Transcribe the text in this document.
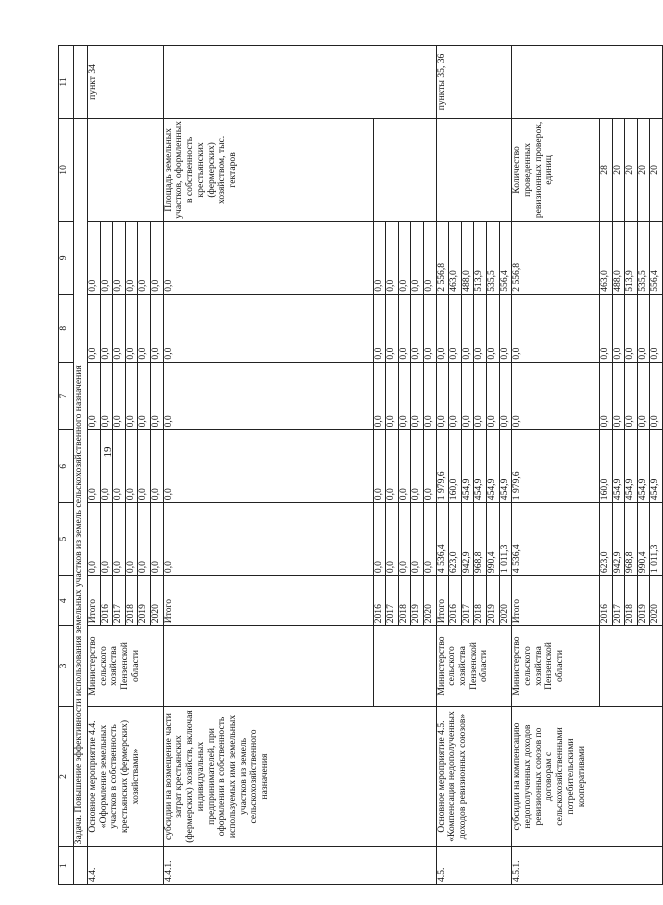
19
1	2	3	4	5	6	7	8	9	10	11
	Задача. Повышение эффективности использования земельных участков из земель сельскохозяйственного назначения									
4.4.	Основное мероприятие 4.4. «Оформление земельных участков в собственность крестьянских (фермерских) хозяйствами»	Министерство сельского хозяйства Пензенской области	Итого	0,0	0,0	0,0	0,0	0,0		пункт 34
			2016	0,0	0,0	0,0	0,0	0,0		
			2017	0,0	0,0	0,0	0,0	0,0		
			2018	0,0	0,0	0,0	0,0	0,0		
			2019	0,0	0,0	0,0	0,0	0,0		
			2020	0,0	0,0	0,0	0,0	0,0		
4.4.1.	субсидии на возмещение части затрат крестьянских (фермерских) хозяйств, включая индивидуальных предпринимателей, при оформлении в собственность используемых ими земельных участков из земель сельскохозяйственного назначения		Итого	0,0	0,0	0,0	0,0	0,0	Площадь земельных участков, оформленных в собственность крестьянских (фермерских) хозяйством, тыс. гектаров	
			2016	0,0	0,0	0,0	0,0	0,0		
			2017	0,0	0,0	0,0	0,0	0,0		
			2018	0,0	0,0	0,0	0,0	0,0		
			2019	0,0	0,0	0,0	0,0	0,0		
			2020	0,0	0,0	0,0	0,0	0,0		
4.5.	Основное мероприятие 4.5. «Компенсация недополученных доходов ревизионных союзов»	Министерство сельского хозяйства Пензенской области	Итого	4 536,4	1 979,6	0,0	0,0	2 556,8		пункты 35, 36
			2016	623,0	160,0	0,0	0,0	463,0		
			2017	942,9	454,9	0,0	0,0	488,0		
			2018	968,8	454,9	0,0	0,0	513,9		
			2019	990,4	454,9	0,0	0,0	535,5		
			2020	1 011,3	454,9	0,0	0,0	556,4		
4.5.1.	субсидии на компенсацию недополученных доходов ревизионных союзов по договорам с сельскохозяйственными потребительскими кооперативами	Министерство сельского хозяйства Пензенской области	Итого	4 536,4	1 979,6	0,0	0,0	2 556,8	Количество проведенных ревизионных проверок, единиц	
			2016	623,0	160,0	0,0	0,0	463,0	28	
			2017	942,9	454,9	0,0	0,0	488,0	20	
			2018	968,8	454,9	0,0	0,0	513,9	20	
			2019	990,4	454,9	0,0	0,0	535,5	20	
			2020	1 011,3	454,9	0,0	0,0	556,4	20	
